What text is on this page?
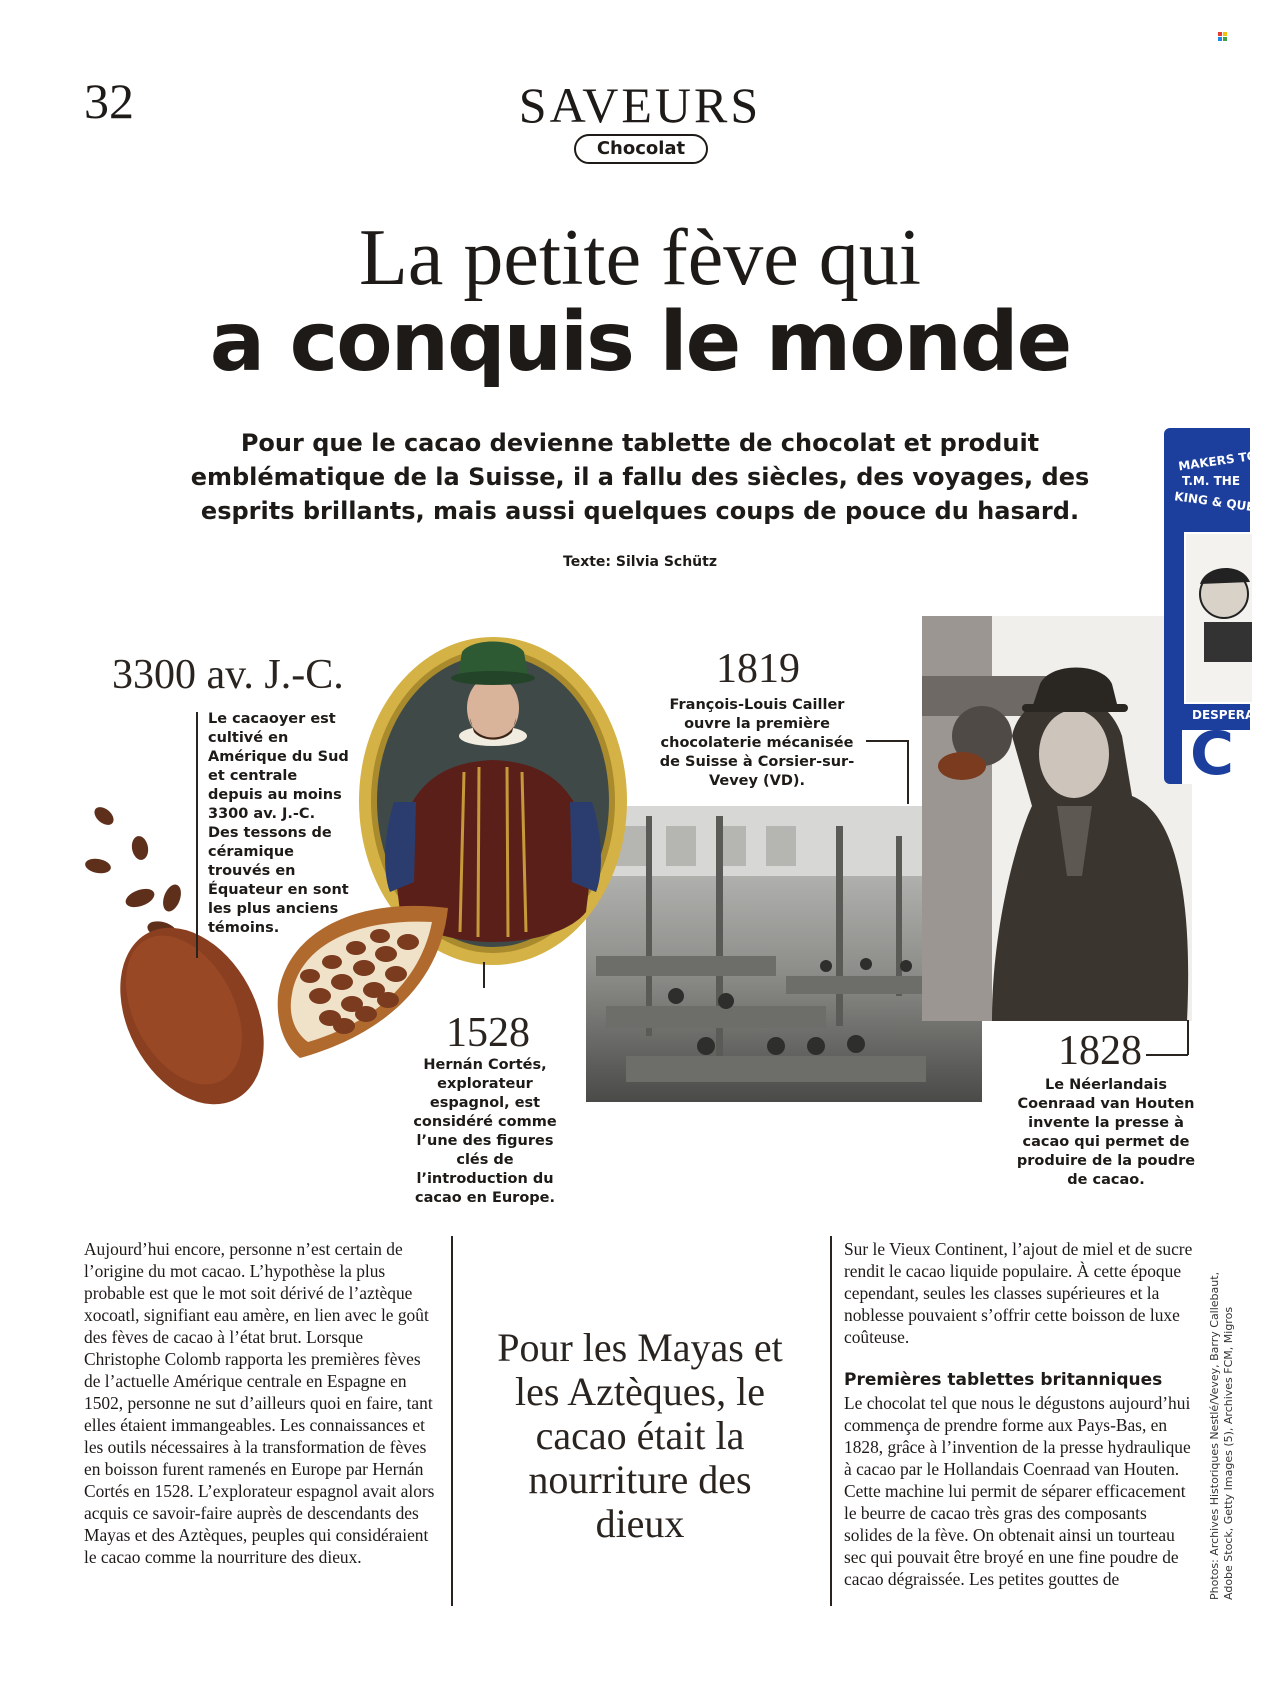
32	SAVEURS
Chocolat
La petite fève qui
a conquis le monde
Pour que le cacao devienne tablette de chocolat et produit emblématique de la Suisse, il a fallu des siècles, des voyages, des esprits brillants, mais aussi quelques coups de pouce du hasard.
Texte: Silvia Schütz
MAKERS TO
T.M. THE
KING & QUEEN
DESPERA
C
3300 av. J.-C.
Le cacaoyer est cultivé en Amérique du Sud et centrale depuis au moins 3300 av. J.-C. Des tessons de céramique trouvés en Équateur en sont les plus anciens témoins.
1528
Hernán Cortés, explorateur espagnol, est considéré comme l’une des figures clés de l’introduction du cacao en Europe.
1819
François-Louis Cailler ouvre la première chocolaterie mécanisée de Suisse à Corsier-sur-Vevey (VD).
1828
Le Néerlandais Coenraad van Houten invente la presse à cacao qui permet de produire de la poudre de cacao.
Aujourd’hui encore, personne n’est certain de l’origine du mot cacao. L’hypothèse la plus probable est que le mot soit dérivé de l’aztèque xocoatl, signifiant eau amère, en lien avec le goût des fèves de cacao à l’état brut. Lorsque Christophe Colomb rapporta les premières fèves de l’actuelle Amérique centrale en Espagne en 1502, personne ne sut d’ailleurs quoi en faire, tant elles étaient immangeables. Les connaissances et les outils nécessaires à la transformation de fèves en boisson furent ramenés en Europe par Hernán Cortés en 1528. L’explorateur espagnol avait alors acquis ce savoir-faire auprès de descendants des Mayas et des Aztèques, peuples qui considéraient le cacao comme la nourriture des dieux.
Pour les Mayas et les Aztèques, le cacao était la nourriture des dieux
Sur le Vieux Continent, l’ajout de miel et de sucre rendit le cacao liquide populaire. À cette époque cependant, seules les classes supérieures et la noblesse pouvaient s’offrir cette boisson de luxe coûteuse.
Premières tablettes britanniques
Le chocolat tel que nous le dégustons aujourd’hui commença de prendre forme aux Pays-Bas, en 1828, grâce à l’invention de la presse hydraulique à cacao par le Hollandais Coenraad van Houten. Cette machine lui permit de séparer efficacement le beurre de cacao très gras des composants solides de la fève. On obtenait ainsi un tourteau sec qui pouvait être broyé en une fine poudre de cacao dégraissée. Les petites gouttes de	Photos: Archives Historiques Nestlé/Vevey, Barry Callebaut, Adobe Stock, Getty Images (5), Archives FCM, Migros
